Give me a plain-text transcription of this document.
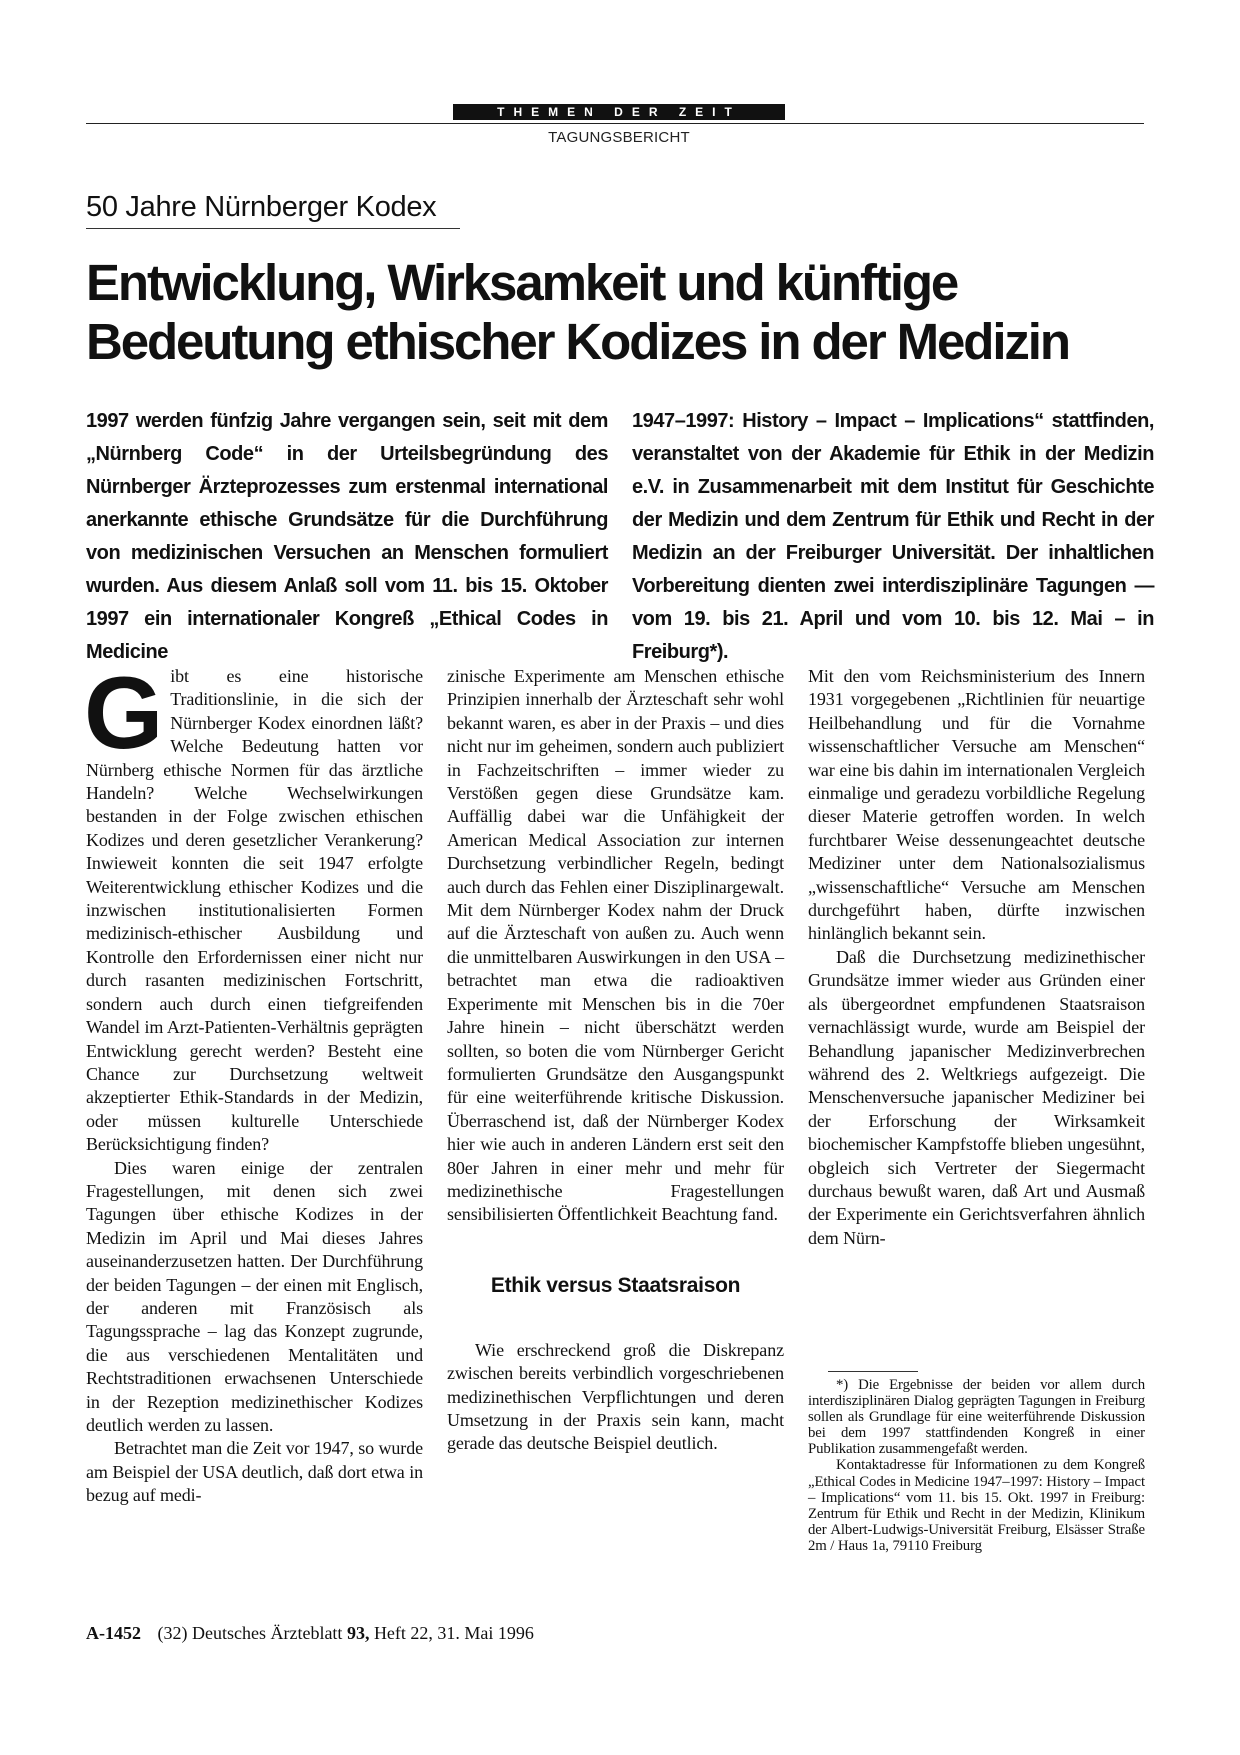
THEMEN DER ZEIT
TAGUNGSBERICHT
50 Jahre Nürnberger Kodex
Entwicklung, Wirksamkeit und künftige
Bedeutung ethischer Kodizes in der Medizin

1997 werden fünfzig Jahre vergangen sein, seit mit dem „Nürnberg Code“ in der Urteilsbegründung des Nürnberger Ärzteprozesses zum erstenmal international anerkannte ethische Grundsätze für die Durchführung von medizinischen Versuchen an Menschen formuliert wurden. Aus diesem Anlaß soll vom 11. bis 15. Oktober 1997 ein internationaler Kongreß „Ethical Codes in Medicine

1947–1997: History – Impact – Implications“ stattfinden, veranstaltet von der Akademie für Ethik in der Medizin e.V. in Zusammenarbeit mit dem Institut für Geschichte der Medizin und dem Zentrum für Ethik und Recht in der Medizin an der Freiburger Universität. Der inhaltlichen Vorbereitung dienten zwei interdisziplinäre Tagungen — vom 19. bis 21. April und vom 10. bis 12. Mai – in Freiburg*).

Gibt es eine historische Traditionslinie, in die sich der Nürnberger Kodex einordnen läßt? Welche Bedeutung hatten vor Nürnberg ethische Normen für das ärztliche Handeln? Welche Wechselwirkungen bestanden in der Folge zwischen ethischen Kodizes und deren gesetzlicher Verankerung? Inwieweit konnten die seit 1947 erfolgte Weiterentwicklung ethischer Kodizes und die inzwischen institutionalisierten Formen medizinisch-ethischer Ausbildung und Kontrolle den Erfordernissen einer nicht nur durch rasanten medizinischen Fortschritt, sondern auch durch einen tiefgreifenden Wandel im Arzt-Patienten-Verhältnis geprägten Entwicklung gerecht werden? Besteht eine Chance zur Durchsetzung weltweit akzeptierter Ethik-Standards in der Medizin, oder müssen kulturelle Unterschiede Berücksichtigung finden?

Dies waren einige der zentralen Fragestellungen, mit denen sich zwei Tagungen über ethische Kodizes in der Medizin im April und Mai dieses Jahres auseinanderzusetzen hatten. Der Durchführung der beiden Tagungen – der einen mit Englisch, der anderen mit Französisch als Tagungssprache – lag das Konzept zugrunde, die aus verschiedenen Mentalitäten und Rechtstraditionen erwachsenen Unterschiede in der Rezeption medizinethischer Kodizes deutlich werden zu lassen.

Betrachtet man die Zeit vor 1947, so wurde am Beispiel der USA deutlich, daß dort etwa in bezug auf medi-

zinische Experimente am Menschen ethische Prinzipien innerhalb der Ärzteschaft sehr wohl bekannt waren, es aber in der Praxis – und dies nicht nur im geheimen, sondern auch publiziert in Fachzeitschriften – immer wieder zu Verstößen gegen diese Grundsätze kam. Auffällig dabei war die Unfähigkeit der American Medical Association zur internen Durchsetzung verbindlicher Regeln, bedingt auch durch das Fehlen einer Disziplinargewalt. Mit dem Nürnberger Kodex nahm der Druck auf die Ärzteschaft von außen zu. Auch wenn die unmittelbaren Auswirkungen in den USA – betrachtet man etwa die radioaktiven Experimente mit Menschen bis in die 70er Jahre hinein – nicht überschätzt werden sollten, so boten die vom Nürnberger Gericht formulierten Grundsätze den Ausgangspunkt für eine weiterführende kritische Diskussion. Überraschend ist, daß der Nürnberger Kodex hier wie auch in anderen Ländern erst seit den 80er Jahren in einer mehr und mehr für medizinethische Fragestellungen sensibilisierten Öffentlichkeit Beachtung fand.

Ethik versus Staatsraison

Wie erschreckend groß die Diskrepanz zwischen bereits verbindlich vorgeschriebenen medizinethischen Verpflichtungen und deren Umsetzung in der Praxis sein kann, macht gerade das deutsche Beispiel deutlich.

Mit den vom Reichsministerium des Innern 1931 vorgegebenen „Richtlinien für neuartige Heilbehandlung und für die Vornahme wissenschaftlicher Versuche am Menschen“ war eine bis dahin im internationalen Vergleich einmalige und geradezu vorbildliche Regelung dieser Materie getroffen worden. In welch furchtbarer Weise dessenungeachtet deutsche Mediziner unter dem Nationalsozialismus „wissenschaftliche“ Versuche am Menschen durchgeführt haben, dürfte inzwischen hinlänglich bekannt sein.

Daß die Durchsetzung medizinethischer Grundsätze immer wieder aus Gründen einer als übergeordnet empfundenen Staatsraison vernachlässigt wurde, wurde am Beispiel der Behandlung japanischer Medizinverbrechen während des 2. Weltkriegs aufgezeigt. Die Menschenversuche japanischer Mediziner bei der Erforschung der Wirksamkeit biochemischer Kampfstoffe blieben ungesühnt, obgleich sich Vertreter der Siegermacht durchaus bewußt waren, daß Art und Ausmaß der Experimente ein Gerichtsverfahren ähnlich dem Nürn-

*) Die Ergebnisse der beiden vor allem durch interdisziplinären Dialog geprägten Tagungen in Freiburg sollen als Grundlage für eine weiterführende Diskussion bei dem 1997 stattfindenden Kongreß in einer Publikation zusammengefaßt werden.

Kontaktadresse für Informationen zu dem Kongreß „Ethical Codes in Medicine 1947–1997: History – Impact – Implications“ vom 11. bis 15. Okt. 1997 in Freiburg: Zentrum für Ethik und Recht in der Medizin, Klinikum der Albert-Ludwigs-Universität Freiburg, Elsässer Straße 2m / Haus 1a, 79110 Freiburg

A-1452 (32) Deutsches Ärzteblatt 93, Heft 22, 31. Mai 1996
